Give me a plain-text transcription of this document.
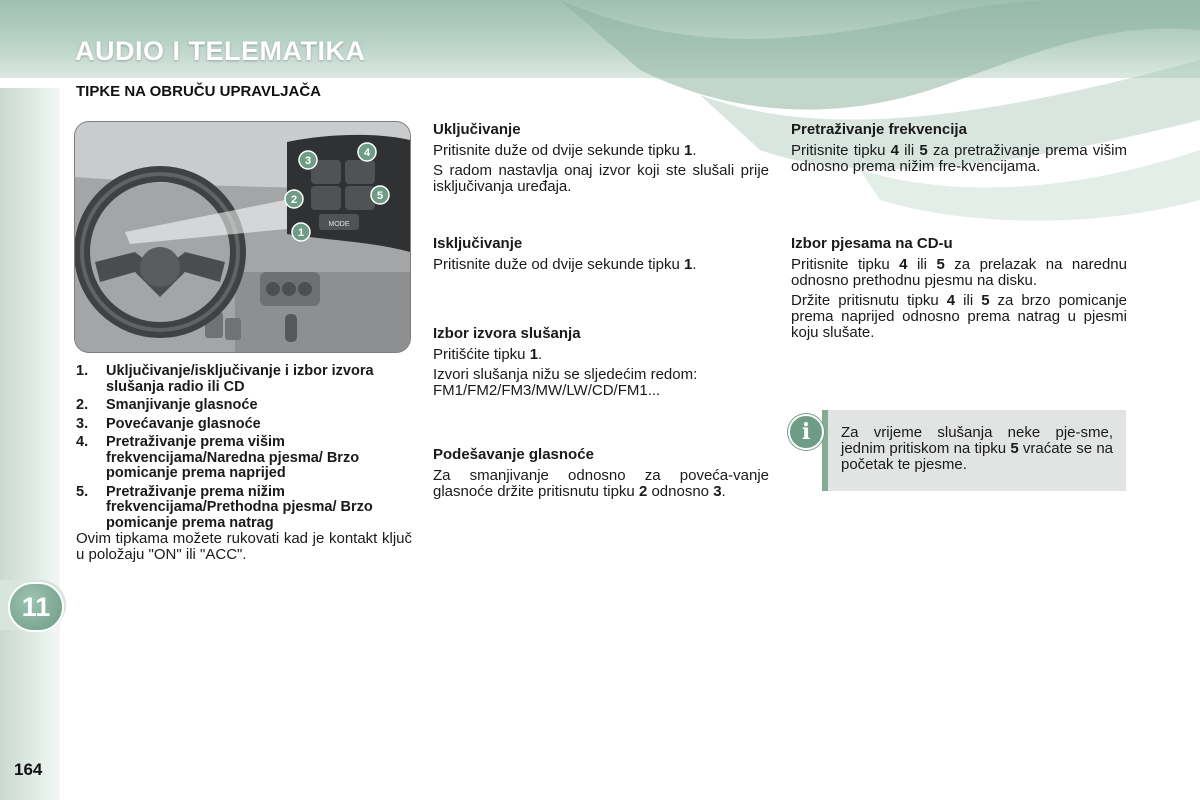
AUDIO I TELEMATIKA
TIPKE NA OBRUČU UPRAVLJAČA
MODE
1
2
3
4
5
1.	Uključivanje/isključivanje i izbor izvora slušanja radio ili CD
2.	Smanjivanje glasnoće
3.	Povećavanje glasnoće
4.	Pretraživanje prema višim frekvencijama/Naredna pjesma/ Brzo pomicanje prema naprijed
5.	Pretraživanje prema nižim frekvencijama/Prethodna pjesma/ Brzo pomicanje prema natrag
Ovim tipkama možete rukovati kad je kontakt ključ u položaju "ON" ili "ACC".
Uključivanje

Pritisnite duže od dvije sekunde tipku 1.

S radom nastavlja onaj izvor koji ste slušali prije isključivanja uređaja.

Isključivanje

Pritisnite duže od dvije sekunde tipku 1.

Izbor izvora slušanja

Pritišćite tipku 1.

Izvori slušanja nižu se sljedećim redom: FM1/FM2/FM3/MW/LW/CD/FM1...

Podešavanje glasnoće

Za smanjivanje odnosno za poveća-vanje glasnoće držite pritisnutu tipku 2 odnosno 3.

Pretraživanje frekvencija

Pritisnite tipku 4 ili 5 za pretraživanje prema višim odnosno prema nižim fre-kvencijama.

Izbor pjesama na CD-u

Pritisnite tipku 4 ili 5 za prelazak na narednu odnosno prethodnu pjesmu na disku.

Držite pritisnutu tipku 4 ili 5 za brzo pomicanje prema naprijed odnosno prema natrag u pjesmi koju slušate.

i	Za vrijeme slušanja neke pje-sme, jednim pritiskom na tipku 5 vraćate se na početak te pjesme.
11
164
